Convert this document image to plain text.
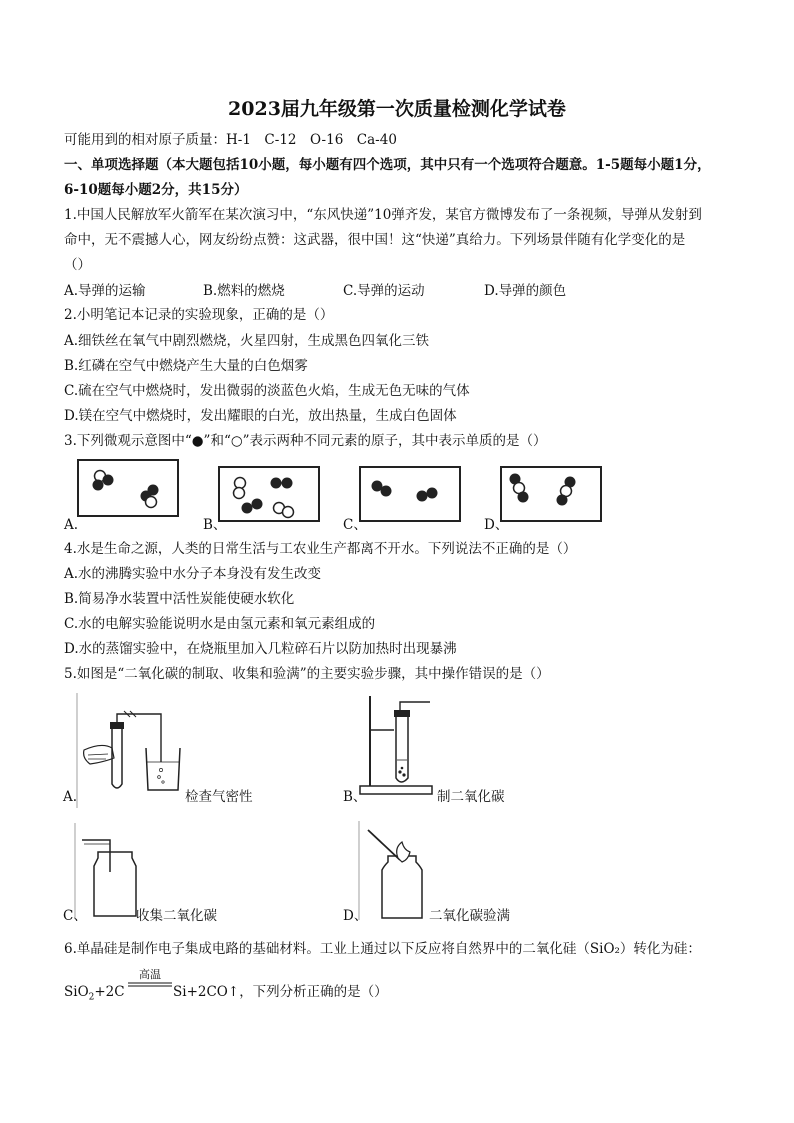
2023届九年级第一次质量检测化学试卷
可能用到的相对原子质量：H-1　C-12　O-16　Ca-40
一、单项选择题（本大题包括10小题，每小题有四个选项，其中只有一个选项符合题意。1-5题每小题1分，
6-10题每小题2分，共15分）
1.中国人民解放军火箭军在某次演习中，“东风快递”10弹齐发，某官方微博发布了一条视频，导弹从发射到
命中，无不震撼人心，网友纷纷点赞：这武器，很中国！这“快递”真给力。下列场景伴随有化学变化的是
（）
A.导弹的运输	B.燃料的燃烧	C.导弹的运动	D.导弹的颜色
2.小明笔记本记录的实验现象，正确的是（）
A.细铁丝在氧气中剧烈燃烧，火星四射，生成黑色四氧化三铁
B.红磷在空气中燃烧产生大量的白色烟雾
C.硫在空气中燃烧时，发出微弱的淡蓝色火焰，生成无色无味的气体
D.镁在空气中燃烧时，发出耀眼的白光，放出热量，生成白色固体
3.下列微观示意图中“●”和“○”表示两种不同元素的原子，其中表示单质的是（）
A.	B、	C、	D、
4.水是生命之源，人类的日常生活与工农业生产都离不开水。下列说法不正确的是（）
A.水的沸腾实验中水分子本身没有发生改变
B.简易净水装置中活性炭能使硬水软化
C.水的电解实验能说明水是由氢元素和氧元素组成的
D.水的蒸馏实验中，在烧瓶里加入几粒碎石片以防加热时出现暴沸
5.如图是“二氧化碳的制取、收集和验满”的主要实验步骤，其中操作错误的是（）
A.	检查气密性	B、	制二氧化碳
C、	收集二氧化碳	D、	二氧化碳验满
6.单晶硅是制作电子集成电路的基础材料。工业上通过以下反应将自然界中的二氧化硅（SiO₂）转化为硅：
SiO$_2$+2C
高温
Si+2CO↑，下列分析正确的是（）
